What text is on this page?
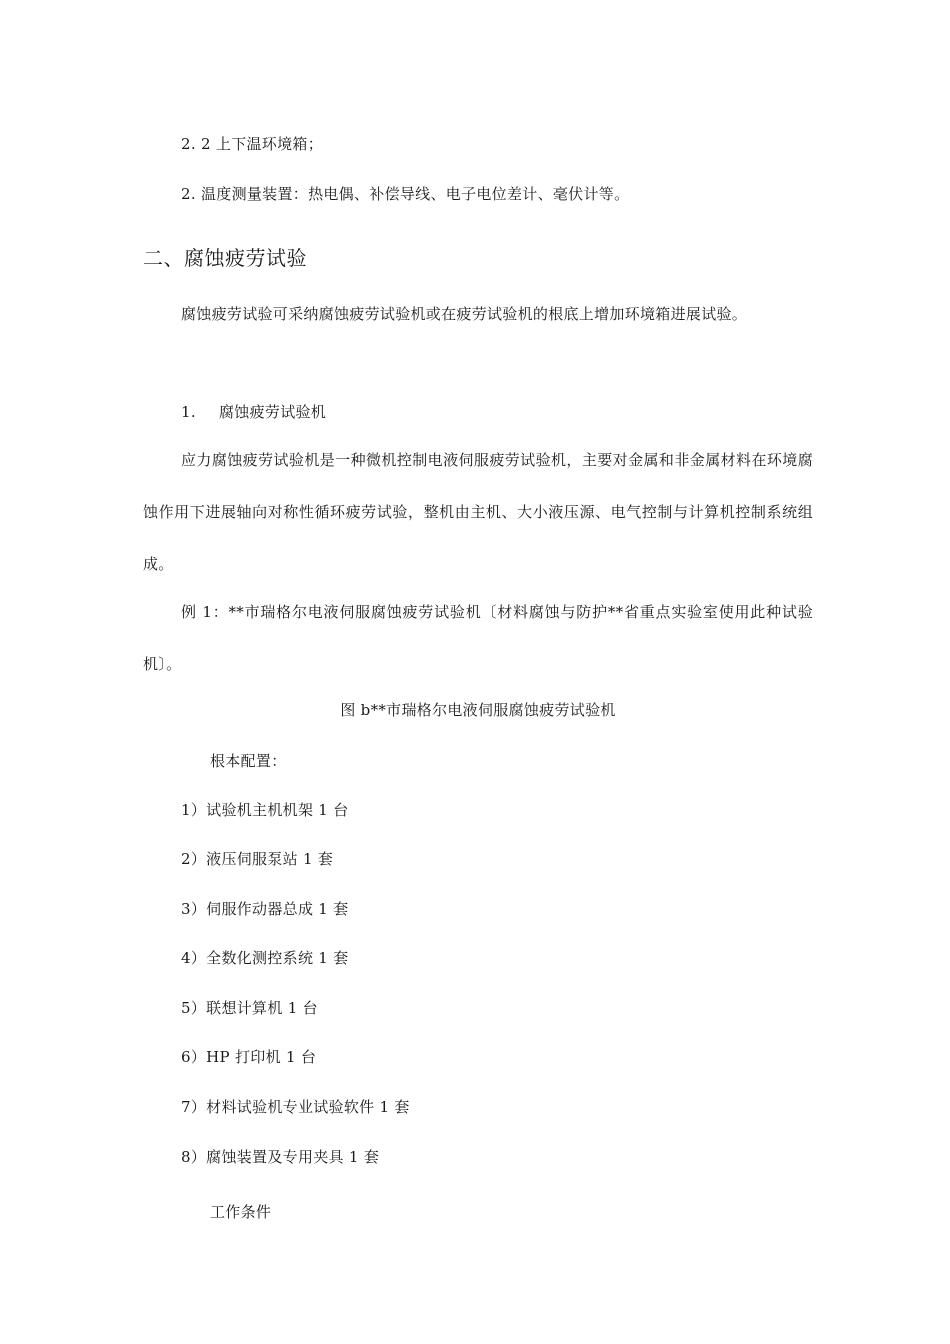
2. 2 上下温环境箱；
2. 温度测量装置：热电偶、补偿导线、电子电位差计、毫伏计等。
二、腐蚀疲劳试验
腐蚀疲劳试验可采纳腐蚀疲劳试验机或在疲劳试验机的根底上增加环境箱进展试验。
1. 腐蚀疲劳试验机
应力腐蚀疲劳试验机是一种微机控制电液伺服疲劳试验机，主要对金属和非金属材料在环境腐蚀作用下进展轴向对称性循环疲劳试验，整机由主机、大小液压源、电气控制与计算机控制系统组成。
例 1：**市瑞格尔电液伺服腐蚀疲劳试验机〔材料腐蚀与防护**省重点实验室使用此种试验机〕。
图 b**市瑞格尔电液伺服腐蚀疲劳试验机
根本配置：
1）试验机主机机架 1 台
2）液压伺服泵站 1 套
3）伺服作动器总成 1 套
4）全数化测控系统 1 套
5）联想计算机 1 台
6）HP 打印机 1 台
7）材料试验机专业试验软件 1 套
8）腐蚀装置及专用夹具 1 套
工作条件
